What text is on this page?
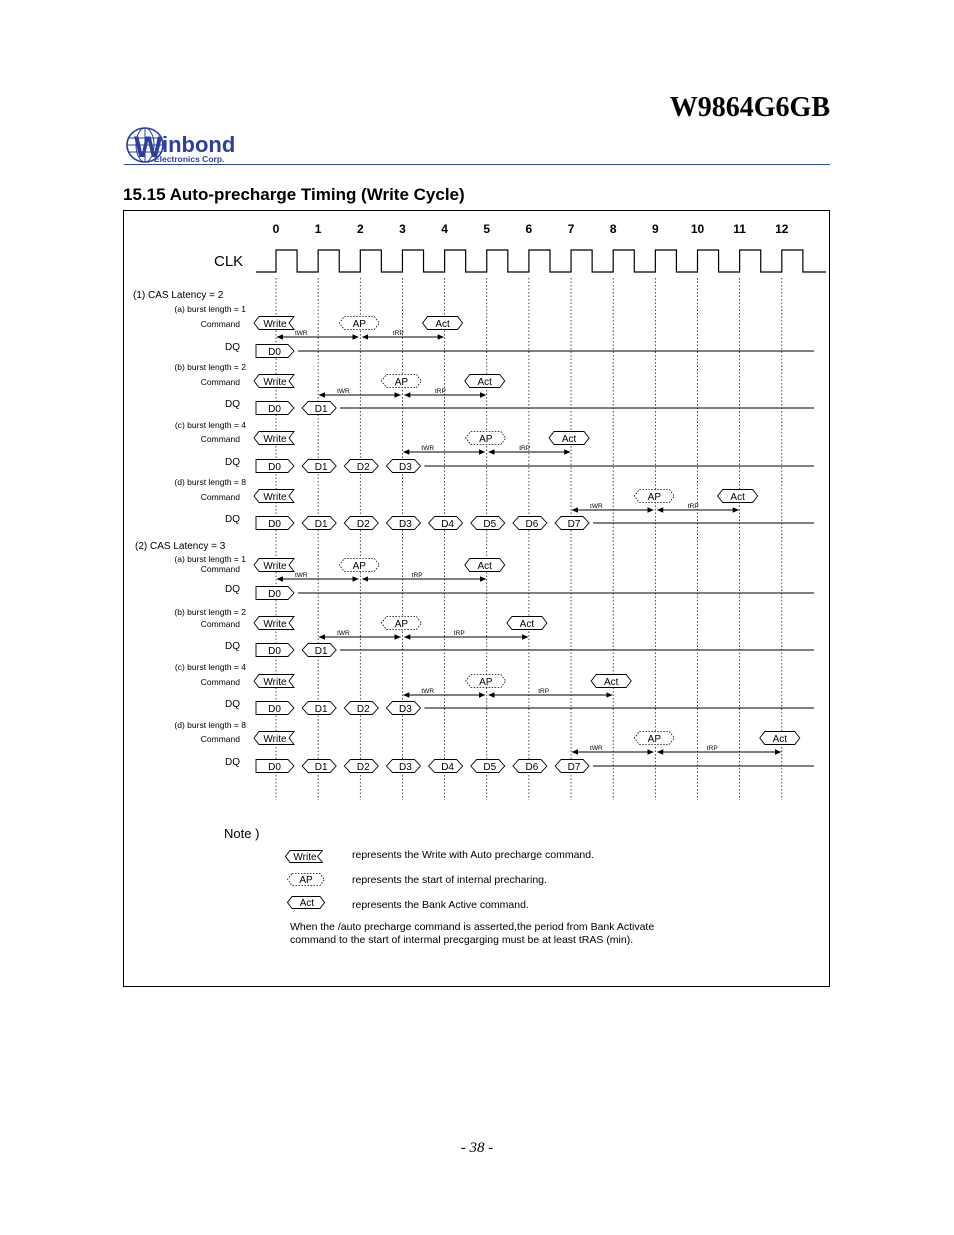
W9864G6GB
W inbond
Electronics Corp.
15.15 Auto-precharge Timing (Write Cycle)
0	1	2	3	4	5	6	7	8	9	10 11 12
CLK
(1) CAS Latency = 2
(a) burst length = 1
Command
DQ
Write	AP	Act
D0
tWR	tRP
(b) burst length = 2
Command
DQ
Write	AP	Act
D0	D1
tWR	tRP
(c) burst length = 4
Command
DQ
Write	AP	Act
D0	D1	D2	D3
tWR	tRP
(d) burst length = 8
Command
DQ
Write	AP	Act
D0	D1	D2	D3	D4	D5	D6	D7
tWR	tRP
(2) CAS Latency = 3
(a) burst length = 1
Command
DQ
Write	AP	Act
D0
tWR	tRP
(b) burst length = 2
Command
DQ
Write	AP	Act
D0	D1
tWR	tRP
(c) burst length = 4
Command
DQ
Write	AP	Act
D0	D1	D2	D3
tWR	tRP
(d) burst length = 8
Command
DQ
Write	AP	Act
D0	D1	D2	D3	D4	D5	D6	D7
tWR	tRP
Note )
Write	represents the Write with Auto precharge command.
AP	represents the start of internal precharing.
Act	represents the Bank Active command.
When the /auto precharge command is asserted,the period from Bank Activate
command to the start of intermal precgarging must be at least tRAS (min).
- 38 -
